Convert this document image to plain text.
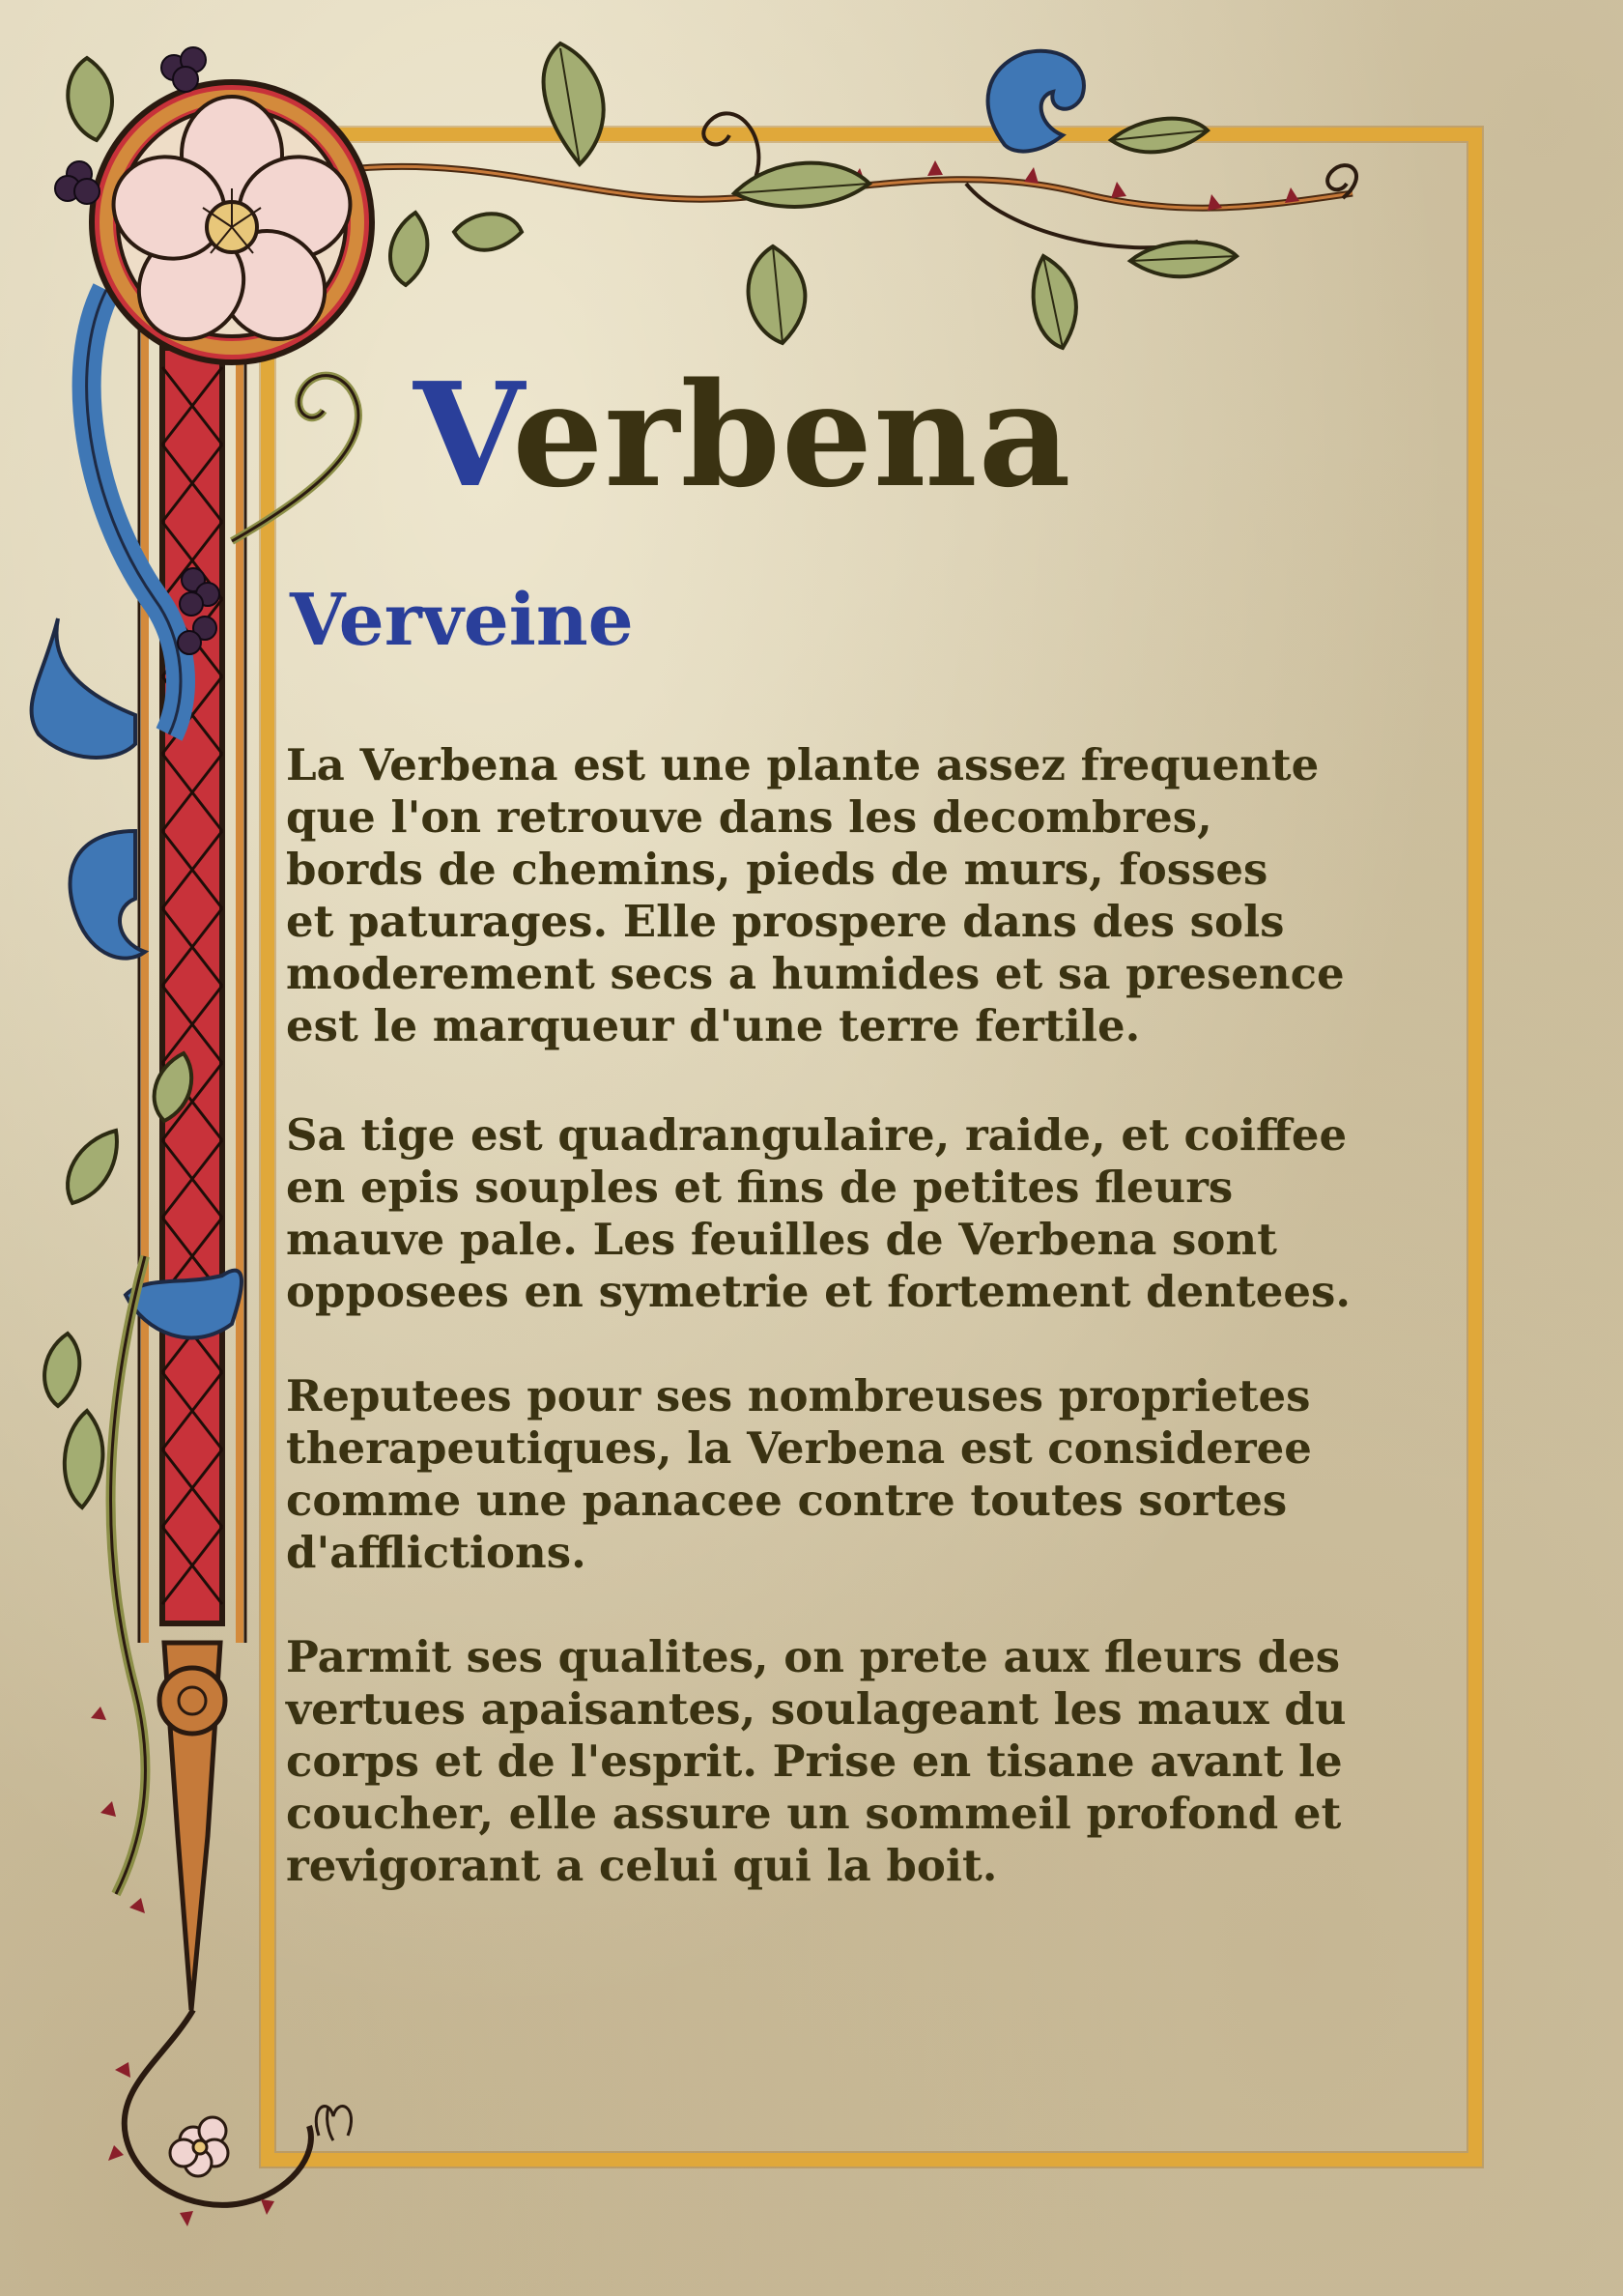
Verbena
Verveine
La Verbena est une plante assez frequente
que l'on retrouve dans les decombres,
bords de chemins, pieds de murs, fosses
et paturages. Elle prospere dans des sols
moderement secs a humides et sa presence
est le marqueur d'une terre fertile.
Sa tige est quadrangulaire, raide, et coiffee
en epis souples et fins de petites fleurs
mauve pale. Les feuilles de Verbena sont
opposees en symetrie et fortement dentees.
Reputees pour ses nombreuses proprietes
therapeutiques, la Verbena est consideree
comme une panacee contre toutes sortes
d'afflictions.
Parmit ses qualites, on prete aux fleurs des
vertues apaisantes, soulageant les maux du
corps et de l'esprit. Prise en tisane avant le
coucher, elle assure un sommeil profond et
revigorant a celui qui la boit.
